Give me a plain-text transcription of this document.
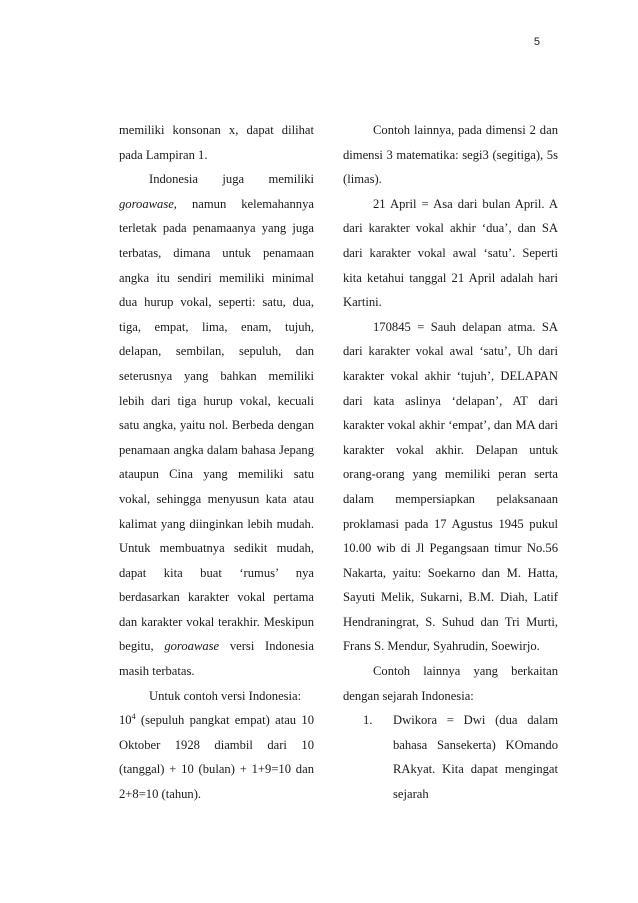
5

memiliki konsonan x, dapat dilihat pada Lampiran 1.

Indonesia juga memiliki goroawase, namun kelemahannya terletak pada penamaanya yang juga terbatas, dimana untuk penamaan angka itu sendiri memiliki minimal dua hurup vokal, seperti: satu, dua, tiga, empat, lima, enam, tujuh, delapan, sembilan, sepuluh, dan seterusnya yang bahkan memiliki lebih dari tiga hurup vokal, kecuali satu angka, yaitu nol. Berbeda dengan penamaan angka dalam bahasa Jepang ataupun Cina yang memiliki satu vokal, sehingga menyusun kata atau kalimat yang diinginkan lebih mudah. Untuk membuatnya sedikit mudah, dapat kita buat ‘rumus’ nya berdasarkan karakter vokal pertama dan karakter vokal terakhir. Meskipun begitu, goroawase versi Indonesia masih terbatas.

Untuk contoh versi Indonesia:

$10^4$ (sepuluh pangkat empat) atau 10 Oktober 1928 diambil dari 10 (tanggal) + 10 (bulan) + 1+9=10 dan 2+8=10 (tahun).

Contoh lainnya, pada dimensi 2 dan dimensi 3 matematika: segi3 (segitiga), 5s (limas).

21 April = Asa dari bulan April. A dari karakter vokal akhir ‘dua’, dan SA dari karakter vokal awal ‘satu’. Seperti kita ketahui tanggal 21 April adalah hari Kartini.

170845 = Sauh delapan atma. SA dari karakter vokal awal ‘satu’, Uh dari karakter vokal akhir ‘tujuh’, DELAPAN dari kata aslinya ‘delapan’, AT dari karakter vokal akhir ‘empat’, dan MA dari karakter vokal akhir. Delapan untuk orang-orang yang memiliki peran serta dalam mempersiapkan pelaksanaan proklamasi pada 17 Agustus 1945 pukul 10.00 wib di Jl Pegangsaan timur No.56 Nakarta, yaitu: Soekarno dan M. Hatta, Sayuti Melik, Sukarni, B.M. Diah, Latif Hendraningrat, S. Suhud dan Tri Murti, Frans S. Mendur, Syahrudin, Soewirjo.

Contoh lainnya yang berkaitan dengan sejarah Indonesia:

1. Dwikora = Dwi (dua dalam bahasa Sansekerta) KOmando RAkyat. Kita dapat mengingat sejarah
